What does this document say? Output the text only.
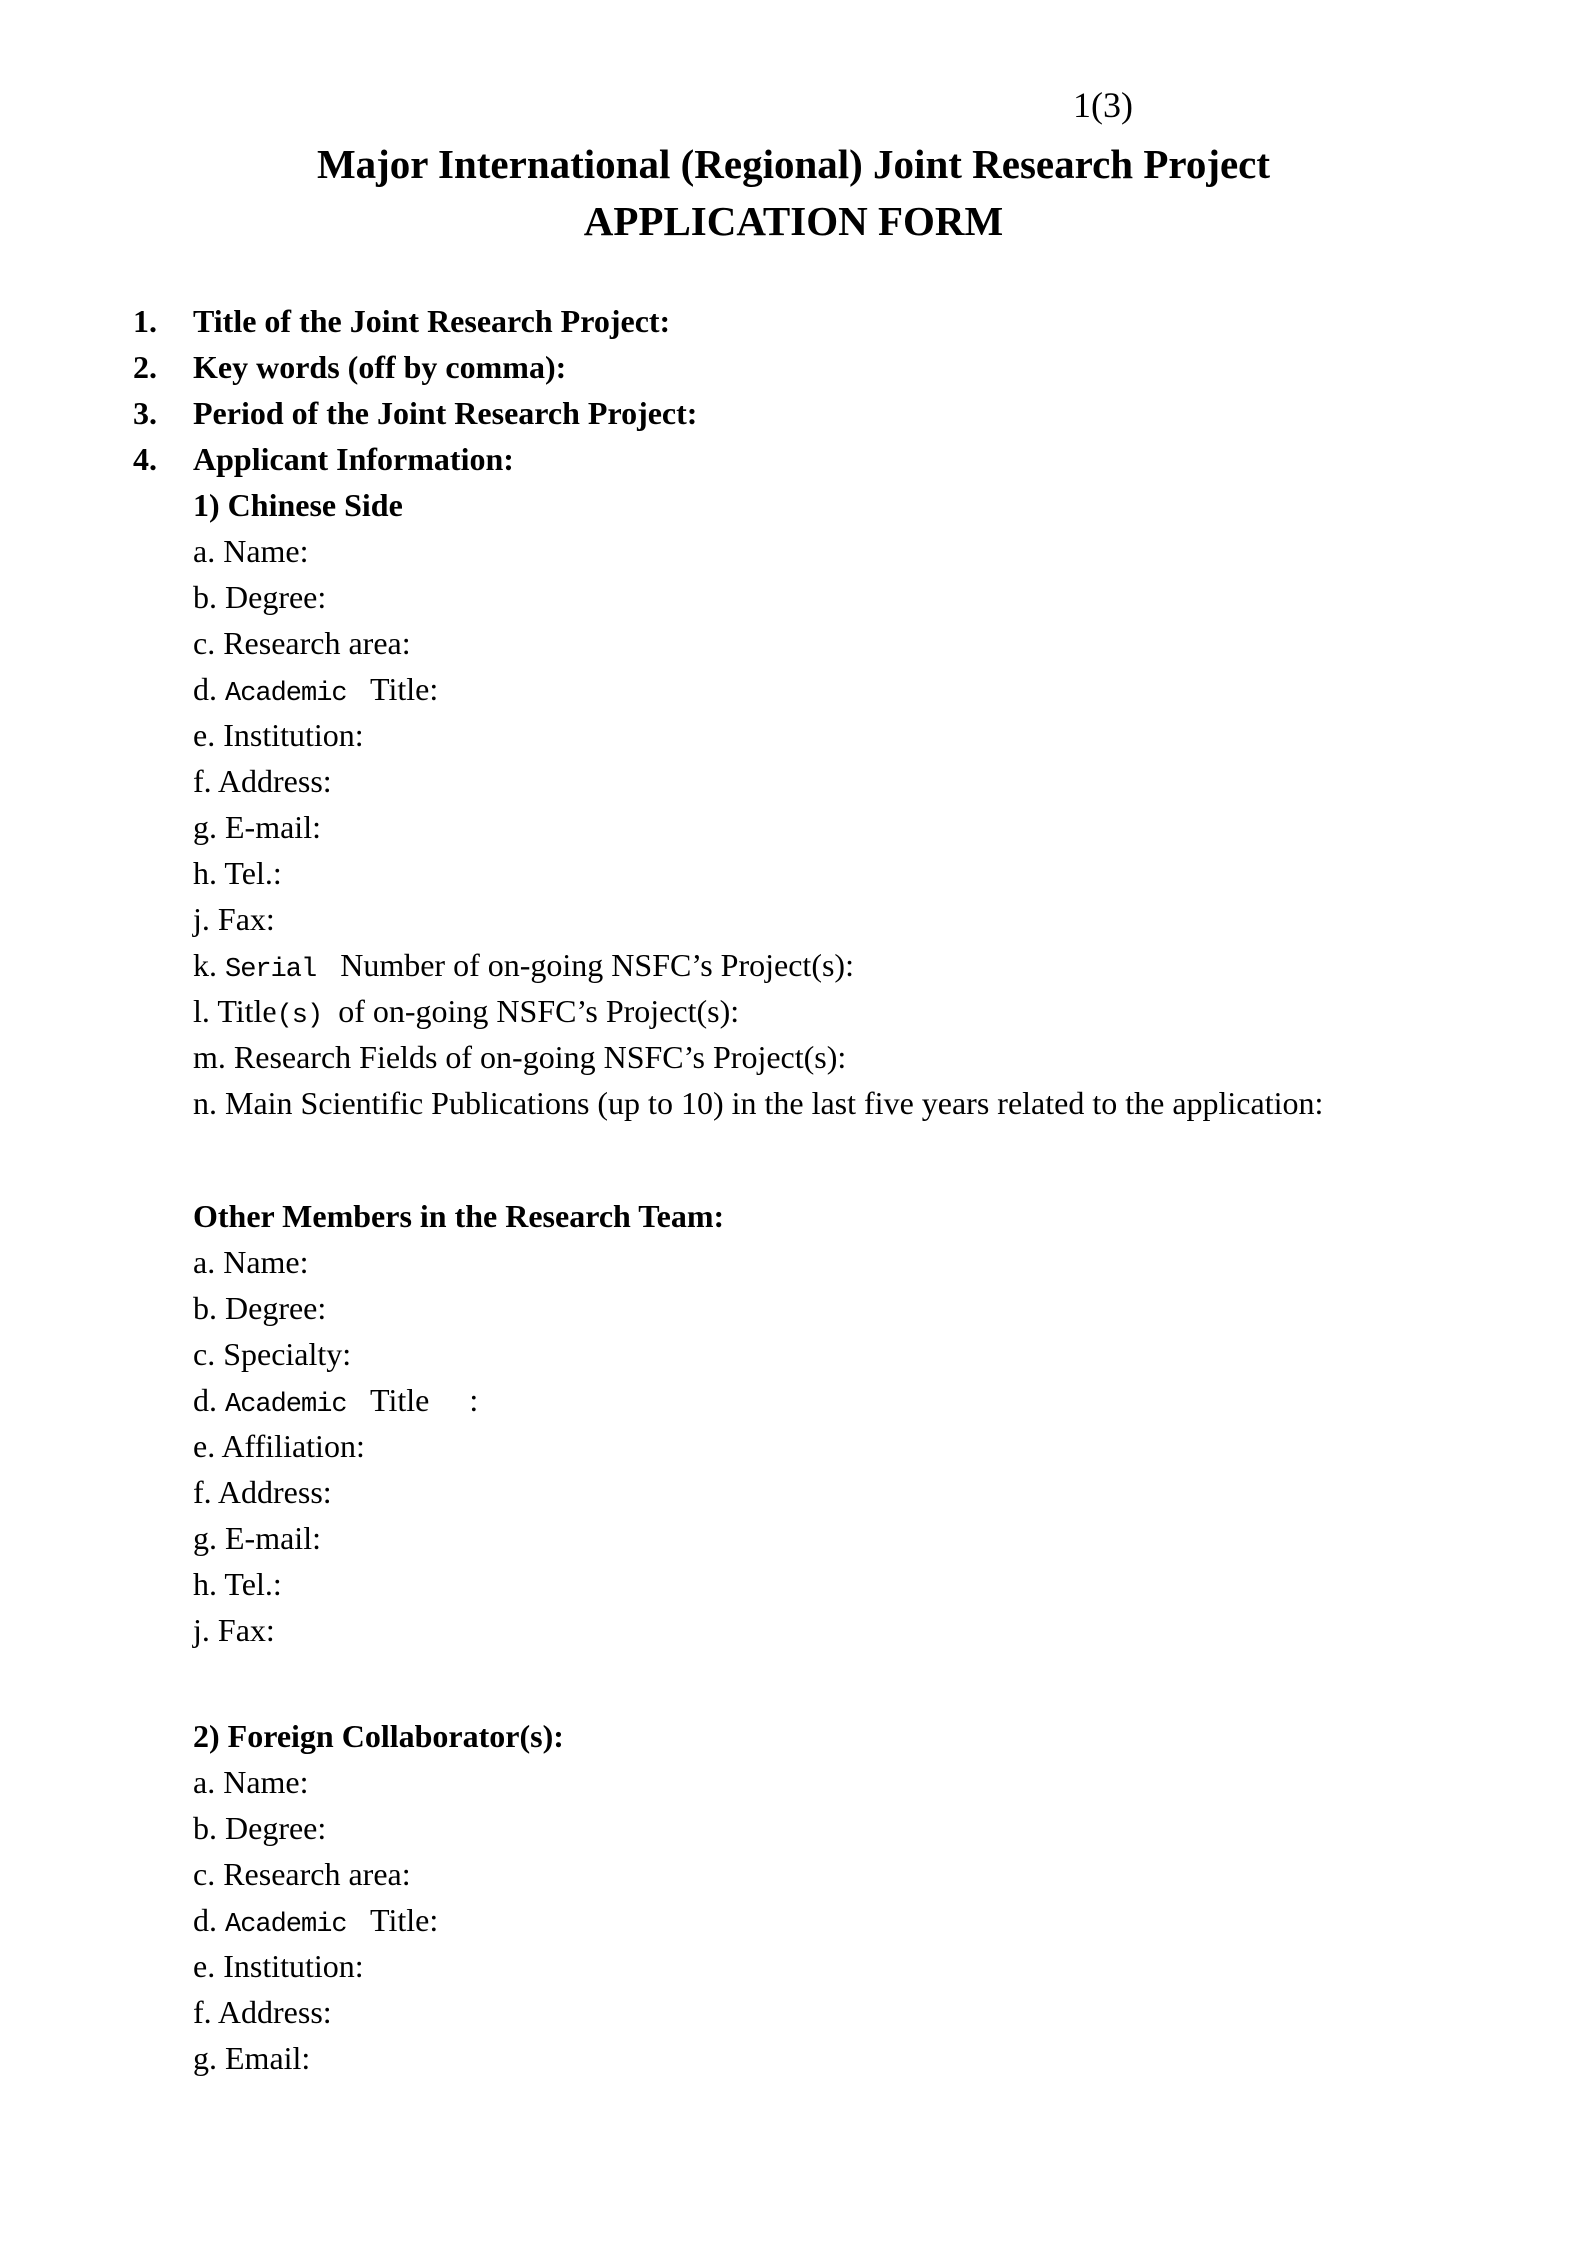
1(3)
Major International (Regional) Joint Research Project
APPLICATION FORM
1. Title of the Joint Research Project:
2. Key words (off by comma):
3. Period of the Joint Research Project:
4. Applicant Information:
1) Chinese Side
a. Name:
b. Degree:
c. Research area:
d. Academic   Title:
e. Institution:
f. Address:
g. E-mail:
h. Tel.:
j. Fax:
k. Serial   Number of on-going NSFC’s Project(s):
l. Title(s)  of on-going NSFC’s Project(s):
m. Research Fields of on-going NSFC’s Project(s):
n. Main Scientific Publications (up to 10) in the last five years related to the application:
Other Members in the Research Team:
a. Name:
b. Degree:
c. Specialty:
d. Academic   Title     :
e. Affiliation:
f. Address:
g. E-mail:
h. Tel.:
j. Fax:
2) Foreign Collaborator(s):
a. Name:
b. Degree:
c. Research area:
d. Academic   Title:
e. Institution:
f. Address:
g. Email:
